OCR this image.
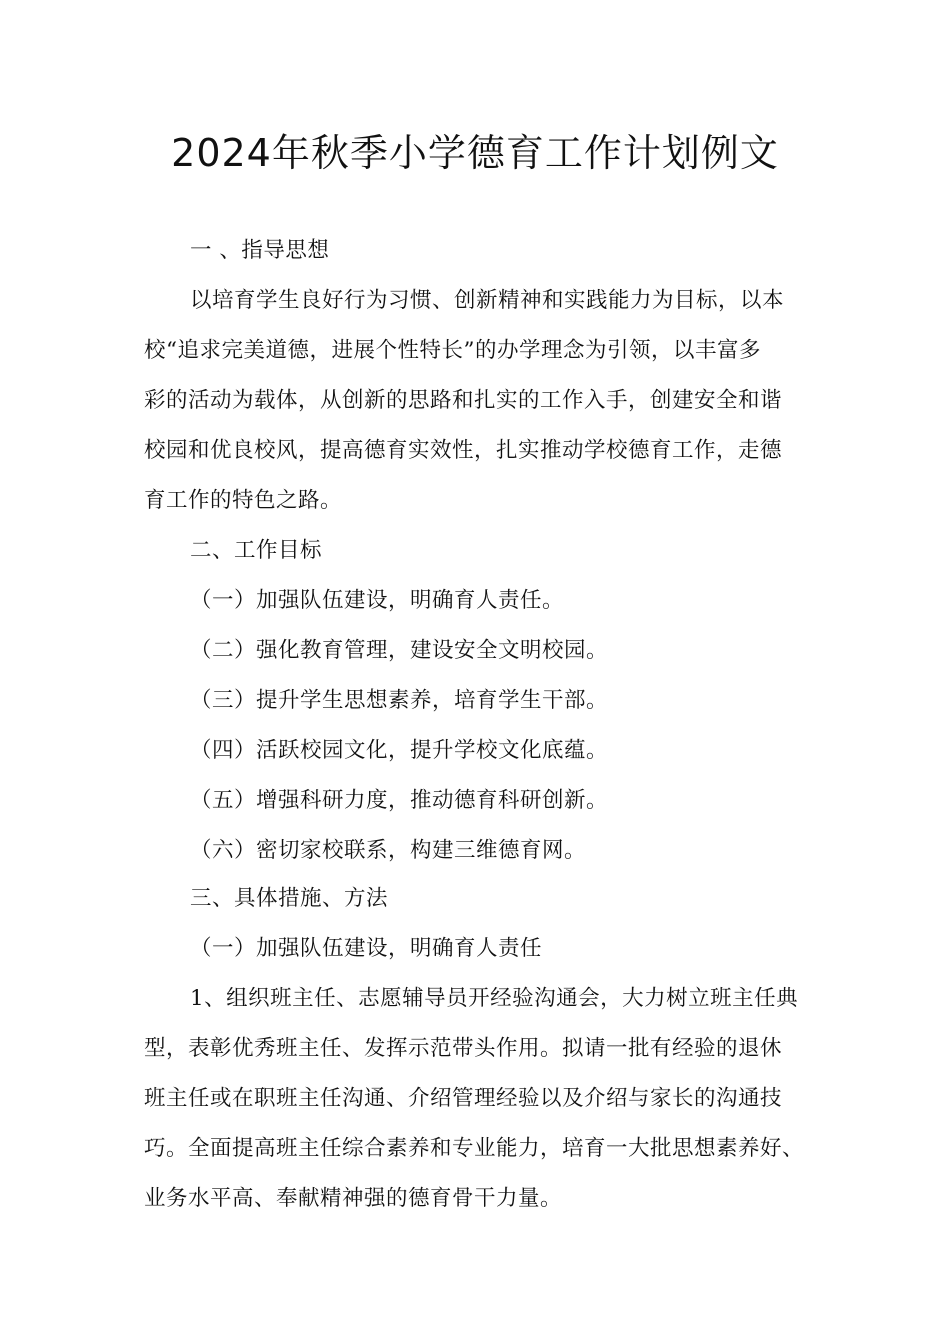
2024年秋季小学德育工作计划例文
一 、指导思想
以培育学生良好行为习惯、创新精神和实践能力为目标，以本
校“追求完美道德，进展个性特长”的办学理念为引领，以丰富多
彩的活动为载体，从创新的思路和扎实的工作入手，创建安全和谐
校园和优良校风，提高德育实效性，扎实推动学校德育工作，走德
育工作的特色之路。
二、工作目标
（一）加强队伍建设，明确育人责任。
（二）强化教育管理，建设安全文明校园。
（三）提升学生思想素养，培育学生干部。
（四）活跃校园文化，提升学校文化底蕴。
（五）增强科研力度，推动德育科研创新。
（六）密切家校联系，构建三维德育网。
三、具体措施、方法
（一）加强队伍建设，明确育人责任
1、组织班主任、志愿辅导员开经验沟通会，大力树立班主任典
型，表彰优秀班主任、发挥示范带头作用。拟请一批有经验的退休
班主任或在职班主任沟通、介绍管理经验以及介绍与家长的沟通技
巧。全面提高班主任综合素养和专业能力，培育一大批思想素养好、
业务水平高、奉献精神强的德育骨干力量。
